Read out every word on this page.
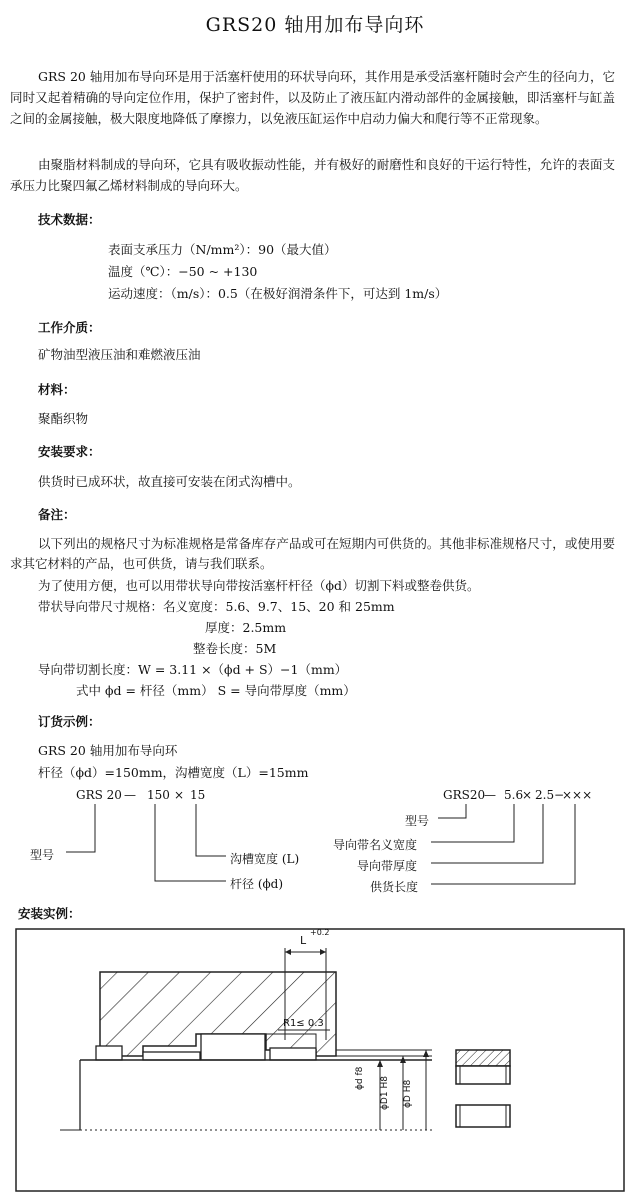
GRS20 轴用加布导向环
GRS 20 轴用加布导向环是用于活塞杆使用的环状导向环，其作用是承受活塞杆随时会产生的径向力，它同时又起着精确的导向定位作用，保护了密封件，以及防止了液压缸内滑动部件的金属接触，即活塞杆与缸盖之间的金属接触，极大限度地降低了摩擦力，以免液压缸运作中启动力偏大和爬行等不正常现象。
由聚脂材料制成的导向环，它具有吸收振动性能，并有极好的耐磨性和良好的干运行特性，允许的表面支承压力比聚四氟乙烯材料制成的导向环大。
技术数据：
表面支承压力（N/mm²）：90（最大值）
温度（℃）：−50 ~ +130
运动速度：（m/s）：0.5（在极好润滑条件下，可达到 1m/s）
工作介质：
矿物油型液压油和难燃液压油
材料：
聚酯织物
安装要求：
供货时已成环状，故直接可安装在闭式沟槽中。
备注：
以下列出的规格尺寸为标准规格是常备库存产品或可在短期内可供货的。其他非标准规格尺寸，或使用要求其它材料的产品，也可供货，请与我们联系。
为了使用方便，也可以用带状导向带按活塞杆杆径（ϕd）切割下料或整卷供货。
带状导向带尺寸规格：名义宽度：5.6、9.7、15、20 和 25mm
厚度：2.5mm
整卷长度：5M
导向带切割长度：W = 3.11 ×（ϕd + S）−1（mm）
式中 ϕd = 杆径（mm） S = 导向带厚度（mm）
订货示例：
GRS 20 轴用加布导向环
杆径（ϕd）=150mm，沟槽宽度（L）=15mm
GRS 20 — 150 × 15
型号	沟槽宽度 (L)
杆径 (ϕd)
GRS20
— 5.6
× 2.5 −
×××
型号
导向带名义宽度
导向带厚度
供货长度
安装实例：
L
+0.2
R1≤ 0.3
ϕd f8 ϕD1 H8 ϕD H8
